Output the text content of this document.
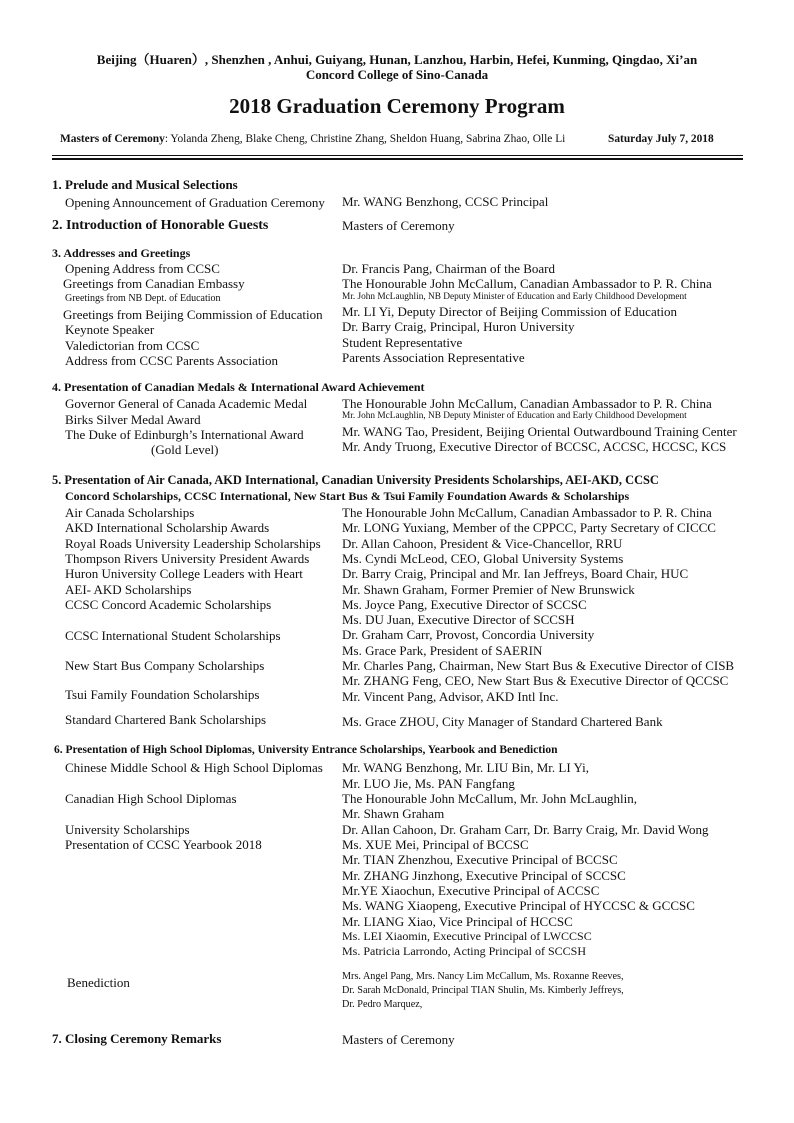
Beijing（Huaren）, Shenzhen , Anhui, Guiyang, Hunan, Lanzhou, Harbin, Hefei, Kunming, Qingdao, Xi’an
Concord College of Sino-Canada
2018 Graduation Ceremony Program
Masters of Ceremony: Yolanda Zheng, Blake Cheng, Christine Zhang, Sheldon Huang, Sabrina Zhao, Olle Li	Saturday July 7, 2018
1. Prelude and Musical Selections
Opening Announcement of Graduation Ceremony Mr. WANG Benzhong, CCSC Principal
2. Introduction of Honorable Guests	Masters of Ceremony
3. Addresses and Greetings
Opening Address from CCSC	Dr. Francis Pang, Chairman of the Board
Greetings from Canadian Embassy	The Honourable John McCallum, Canadian Ambassador to P. R. China
Greetings from NB Dept. of Education	Mr. John McLaughlin, NB Deputy Minister of Education and Early Childhood Development
Greetings from Beijing Commission of Education Mr. LI Yi, Deputy Director of Beijing Commission of Education
Keynote Speaker	Dr. Barry Craig, Principal, Huron University
Valedictorian from CCSC	Student Representative
Address from CCSC Parents Association	Parents Association Representative
4. Presentation of Canadian Medals & International Award Achievement
Governor General of Canada Academic Medal	The Honourable John McCallum, Canadian Ambassador to P. R. China
Birks Silver Medal Award	Mr. John McLaughlin, NB Deputy Minister of Education and Early Childhood Development
The Duke of Edinburgh’s International Award	Mr. WANG Tao, President, Beijing Oriental Outwardbound Training Center
(Gold Level)	Mr. Andy Truong, Executive Director of BCCSC, ACCSC, HCCSC, KCS
5. Presentation of Air Canada, AKD International, Canadian University Presidents Scholarships, AEI-AKD, CCSC
Concord Scholarships, CCSC International, New Start Bus & Tsui Family Foundation Awards & Scholarships
Air Canada Scholarships	The Honourable John McCallum, Canadian Ambassador to P. R. China
AKD International Scholarship Awards	Mr. LONG Yuxiang, Member of the CPPCC, Party Secretary of CICCC
Royal Roads University Leadership Scholarships Dr. Allan Cahoon, President & Vice-Chancellor, RRU
Thompson Rivers University President Awards	Ms. Cyndi McLeod, CEO, Global University Systems
Huron University College Leaders with Heart	Dr. Barry Craig, Principal and Mr. Ian Jeffreys, Board Chair, HUC
AEI- AKD Scholarships	Mr. Shawn Graham, Former Premier of New Brunswick
CCSC Concord Academic Scholarships	Ms. Joyce Pang, Executive Director of SCCSC
Ms. DU Juan, Executive Director of SCCSH
CCSC International Student Scholarships	Dr. Graham Carr, Provost, Concordia University
Ms. Grace Park, President of SAERIN
New Start Bus Company Scholarships	Mr. Charles Pang, Chairman, New Start Bus & Executive Director of CISB
Mr. ZHANG Feng, CEO, New Start Bus & Executive Director of QCCSC
Tsui Family Foundation Scholarships	Mr. Vincent Pang, Advisor, AKD Intl Inc.
Standard Chartered Bank Scholarships	Ms. Grace ZHOU, City Manager of Standard Chartered Bank
6. Presentation of High School Diplomas, University Entrance Scholarships, Yearbook and Benediction
Chinese Middle School & High School Diplomas Mr. WANG Benzhong, Mr. LIU Bin, Mr. LI Yi,
Mr. LUO Jie, Ms. PAN Fangfang
Canadian High School Diplomas	The Honourable John McCallum, Mr. John McLaughlin,
Mr. Shawn Graham
University Scholarships	Dr. Allan Cahoon, Dr. Graham Carr, Dr. Barry Craig, Mr. David Wong
Presentation of CCSC Yearbook 2018	Ms. XUE Mei, Principal of BCCSC
Mr. TIAN Zhenzhou, Executive Principal of BCCSC
Mr. ZHANG Jinzhong, Executive Principal of SCCSC
Mr.YE Xiaochun, Executive Principal of ACCSC
Ms. WANG Xiaopeng, Executive Principal of HYCCSC & GCCSC
Mr. LIANG Xiao, Vice Principal of HCCSC
Ms. LEI Xiaomin, Executive Principal of LWCCSC
Ms. Patricia Larrondo, Acting Principal of SCCSH
Benediction	Mrs. Angel Pang, Mrs. Nancy Lim McCallum, Ms. Roxanne Reeves,
Dr. Sarah McDonald, Principal TIAN Shulin, Ms. Kimberly Jeffreys,
Dr. Pedro Marquez,
7. Closing Ceremony Remarks	Masters of Ceremony
